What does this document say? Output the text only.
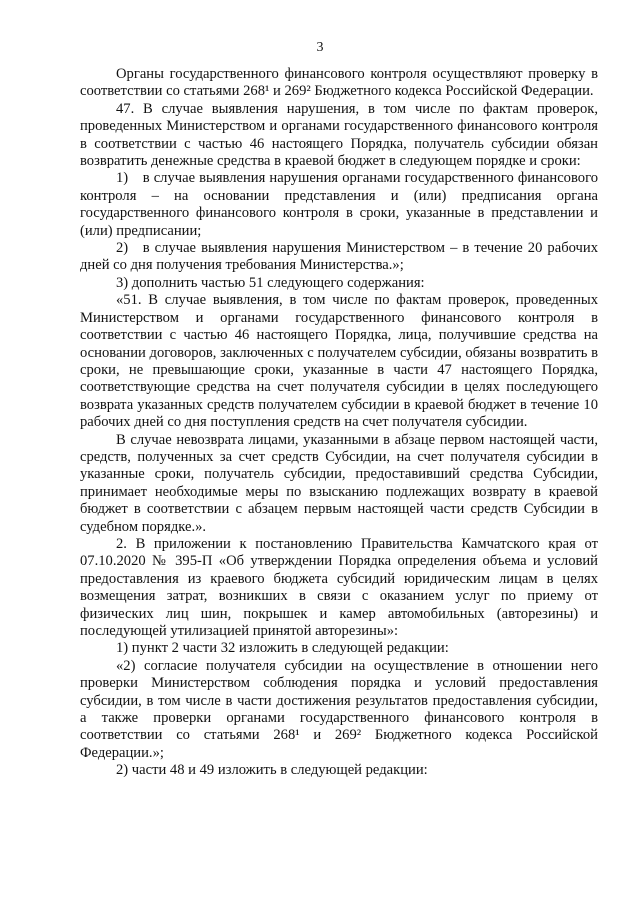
3

Органы государственного финансового контроля осуществляют проверку в соответствии со статьями 268¹ и 269² Бюджетного кодекса Российской Федерации.

47. В случае выявления нарушения, в том числе по фактам проверок, проведенных Министерством и органами государственного финансового контроля в соответствии с частью 46 настоящего Порядка, получатель субсидии обязан возвратить денежные средства в краевой бюджет в следующем порядке и сроки:

1) в случае выявления нарушения органами государственного финансового контроля – на основании представления и (или) предписания органа государственного финансового контроля в сроки, указанные в представлении и (или) предписании;

2) в случае выявления нарушения Министерством – в течение 20 рабочих дней со дня получения требования Министерства.»;

3) дополнить частью 51 следующего содержания:

«51. В случае выявления, в том числе по фактам проверок, проведенных Министерством и органами государственного финансового контроля в соответствии с частью 46 настоящего Порядка, лица, получившие средства на основании договоров, заключенных с получателем субсидии, обязаны возвратить в сроки, не превышающие сроки, указанные в части 47 настоящего Порядка, соответствующие средства на счет получателя субсидии в целях последующего возврата указанных средств получателем субсидии в краевой бюджет в течение 10 рабочих дней со дня поступления средств на счет получателя субсидии.

В случае невозврата лицами, указанными в абзаце первом настоящей части, средств, полученных за счет средств Субсидии, на счет получателя субсидии в указанные сроки, получатель субсидии, предоставивший средства Субсидии, принимает необходимые меры по взысканию подлежащих возврату в краевой бюджет в соответствии с абзацем первым настоящей части средств Субсидии в судебном порядке.».

2. В приложении к постановлению Правительства Камчатского края от 07.10.2020 № 395-П «Об утверждении Порядка определения объема и условий предоставления из краевого бюджета субсидий юридическим лицам в целях возмещения затрат, возникших в связи с оказанием услуг по приему от физических лиц шин, покрышек и камер автомобильных (авторезины) и последующей утилизацией принятой авторезины»:

1) пункт 2 части 32 изложить в следующей редакции:

«2) согласие получателя субсидии на осуществление в отношении него проверки Министерством соблюдения порядка и условий предоставления субсидии, в том числе в части достижения результатов предоставления субсидии, а также проверки органами государственного финансового контроля в соответствии со статьями 268¹ и 269² Бюджетного кодекса Российской Федерации.»;

2) части 48 и 49 изложить в следующей редакции:
